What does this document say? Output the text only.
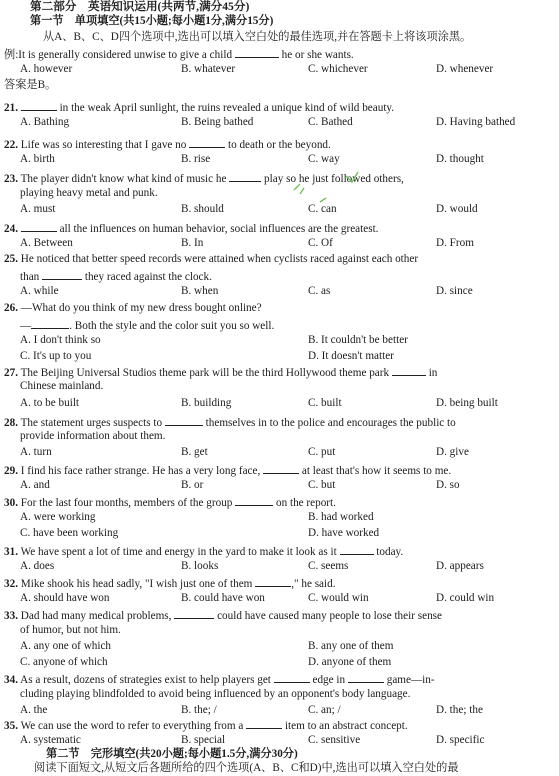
第二部分　英语知识运用(共两节,满分45分)
第一节　单项填空(共15小题;每小题1分,满分15分)
从A、B、C、D四个选项中,选出可以填入空白处的最佳选项,并在答题卡上将该项涂黑。
例:It is generally considered unwise to give a child	he or she wants.
A. however	B. whatever	C. whichever	D. whenever
答案是B。
21.	in the weak April sunlight, the ruins revealed a unique kind of wild beauty.
A. Bathing	B. Being bathed	C. Bathed	D. Having bathed
22. Life was so interesting that I gave no	to death or the beyond.
A. birth	B. rise	C. way	D. thought
23. The player didn't know what kind of music he	play so he just followed others,
playing heavy metal and punk.
A. must	B. should	C. can	D. would
24.	all the influences on human behavior, social influences are the greatest.
A. Between	B. In	C. Of	D. From
25. He noticed that better speed records were attained when cyclists raced against each other
than	they raced against the clock.
A. while	B. when	C. as	D. since
26. —What do you think of my new dress bought online?
—	. Both the style and the color suit you so well.
A. I don't think so	B. It couldn't be better
C. It's up to you	D. It doesn't matter
27. The Beijing Universal Studios theme park will be the third Hollywood theme park	in
Chinese mainland.
A. to be built	B. building	C. built	D. being built
28. The statement urges suspects to	themselves in to the police and encourages the public to
provide information about them.
A. turn	B. get	C. put	D. give
29. I find his face rather strange. He has a very long face,	at least that's how it seems to me.
A. and	B. or	C. but	D. so
30. For the last four months, members of the group	on the report.
A. were working	B. had worked
C. have been working	D. have worked
31. We have spent a lot of time and energy in the yard to make it look as it	today.
A. does	B. looks	C. seems	D. appears
32. Mike shook his head sadly, "I wish just one of them	," he said.
A. should have won	B. could have won	C. would win	D. could win
33. Dad had many medical problems,	could have caused many people to lose their sense
of humor, but not him.
A. any one of which	B. any one of them
C. anyone of which	D. anyone of them
34. As a result, dozens of strategies exist to help players get	edge in	game—in-
cluding playing blindfolded to avoid being influenced by an opponent's body language.
A. the	B. the; /	C. an; /	D. the; the
35. We can use the word to refer to everything from a	item to an abstract concept.
A. systematic	B. special	C. sensitive	D. specific
第二节　完形填空(共20小题;每小题1.5分,满分30分)
阅读下面短文,从短文后各题所给的四个选项(A、B、C和D)中,选出可以填入空白处的最
